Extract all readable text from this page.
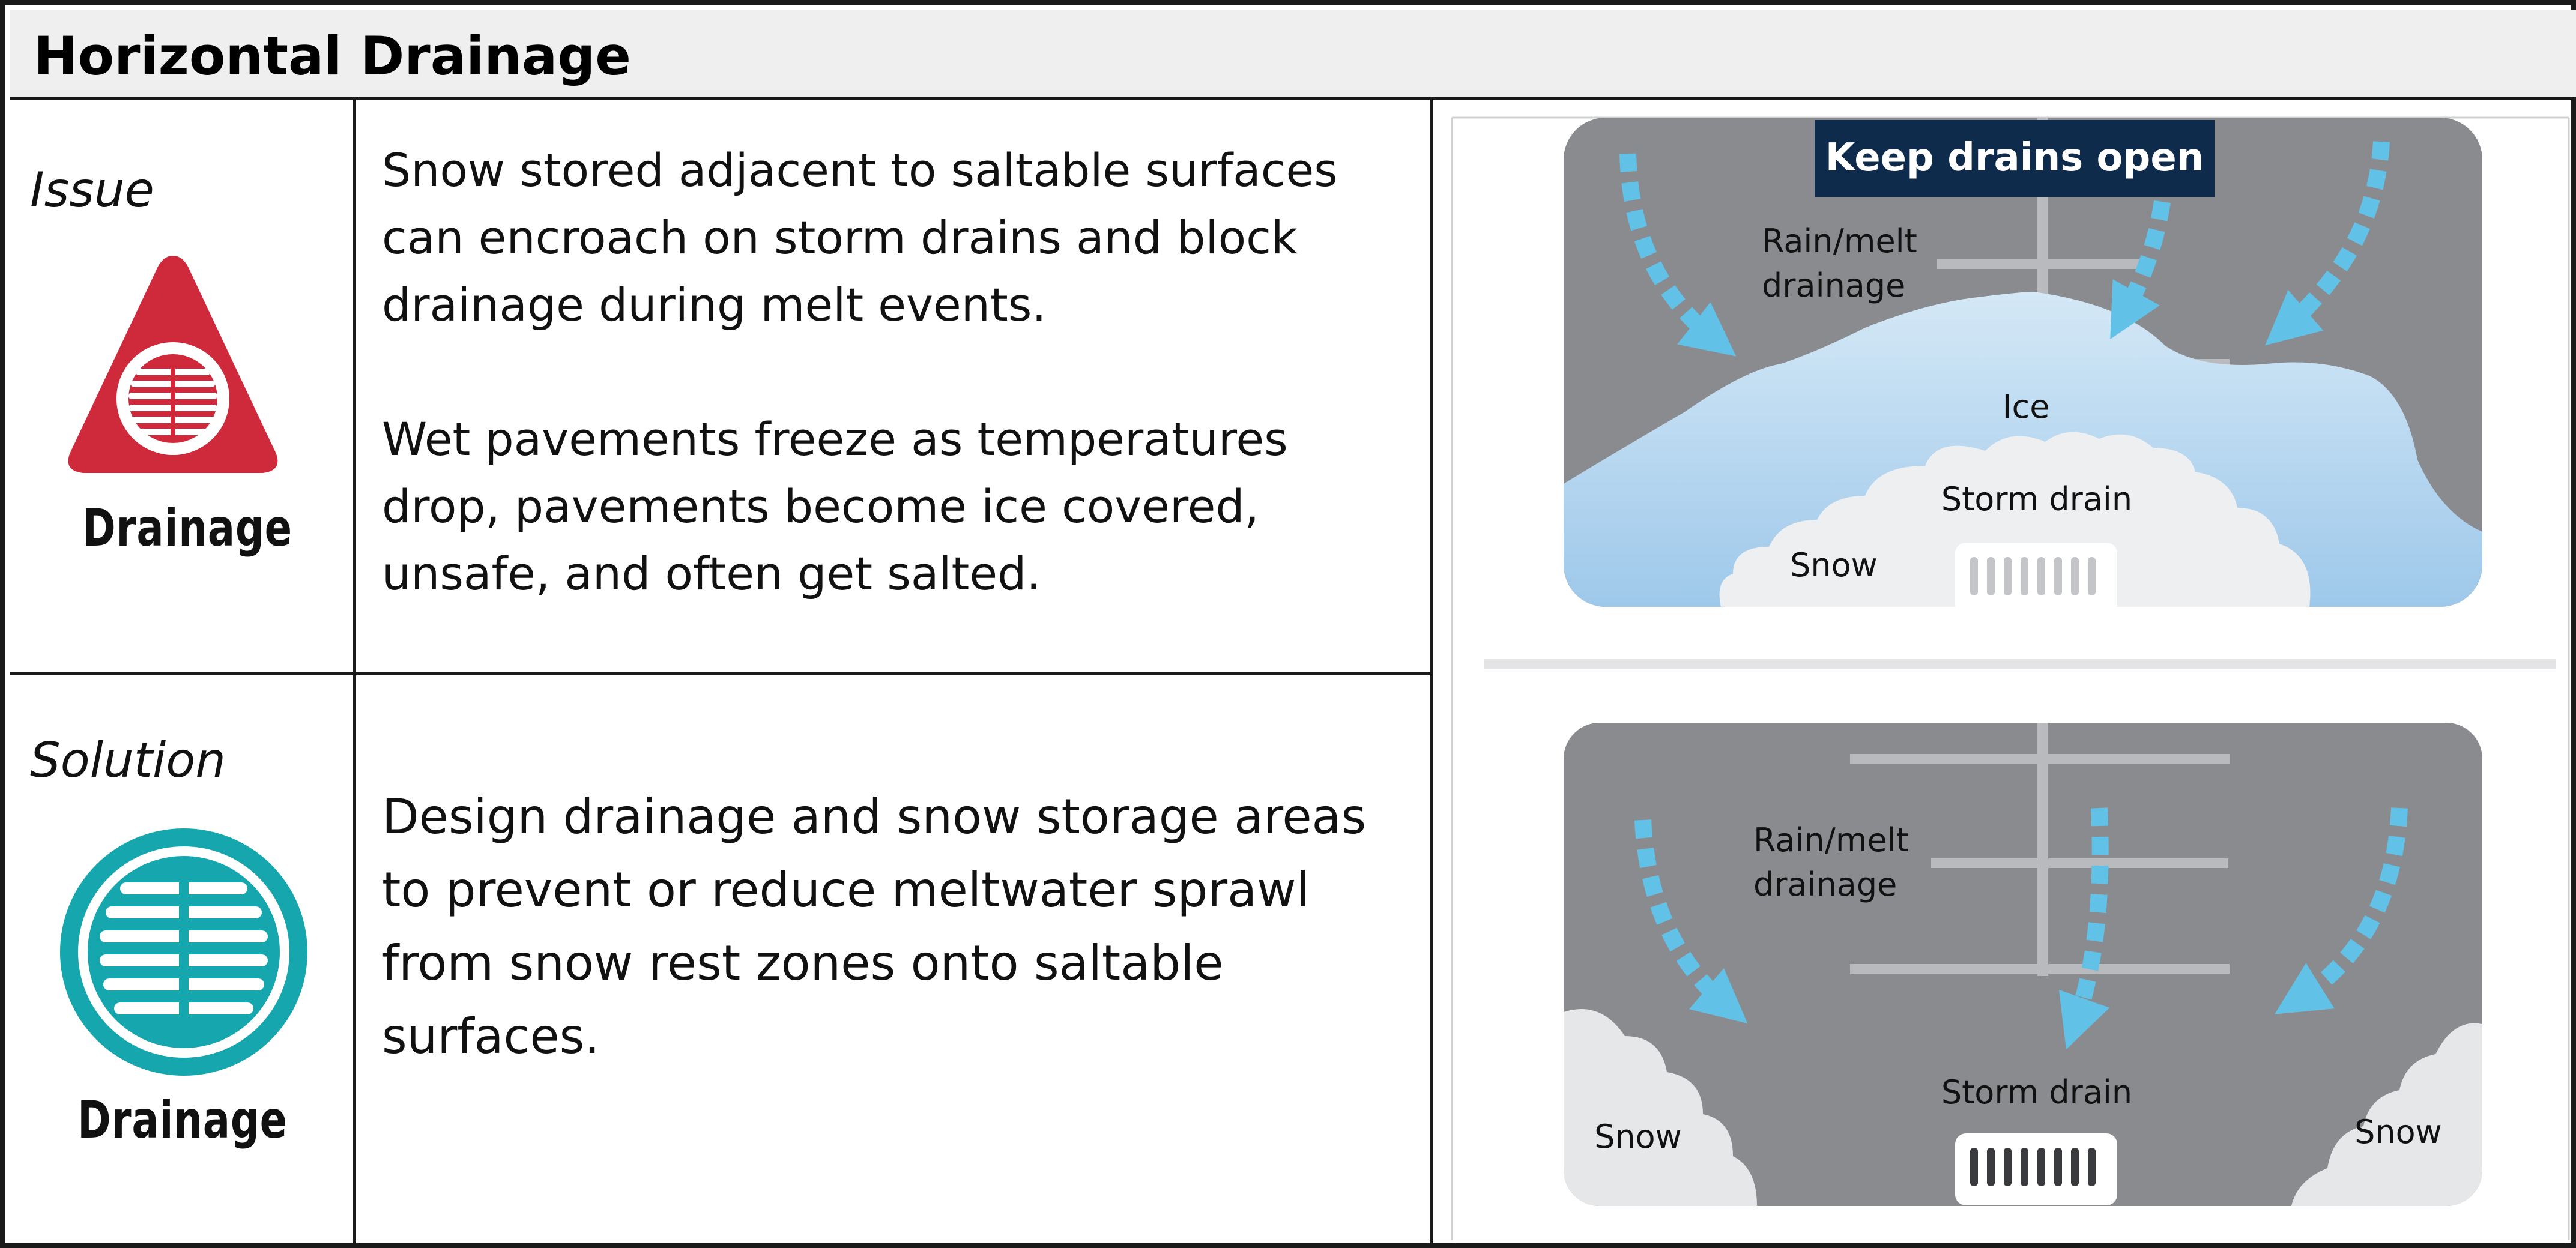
Horizontal Drainage
Issue
Drainage

Snow stored adjacent to saltable surfaces can encroach on storm drains and block drainage during melt events.

Wet pavements freeze as temperatures drop, pavements become ice covered, unsafe, and often get salted.

Solution
Drainage

Design drainage and snow storage areas to prevent or reduce meltwater sprawl from snow rest zones onto saltable surfaces.

Keep drains open
Rain/melt
drainage
Ice
Storm drain
Snow
Rain/melt
drainage
Storm drain
Snow	Snow
